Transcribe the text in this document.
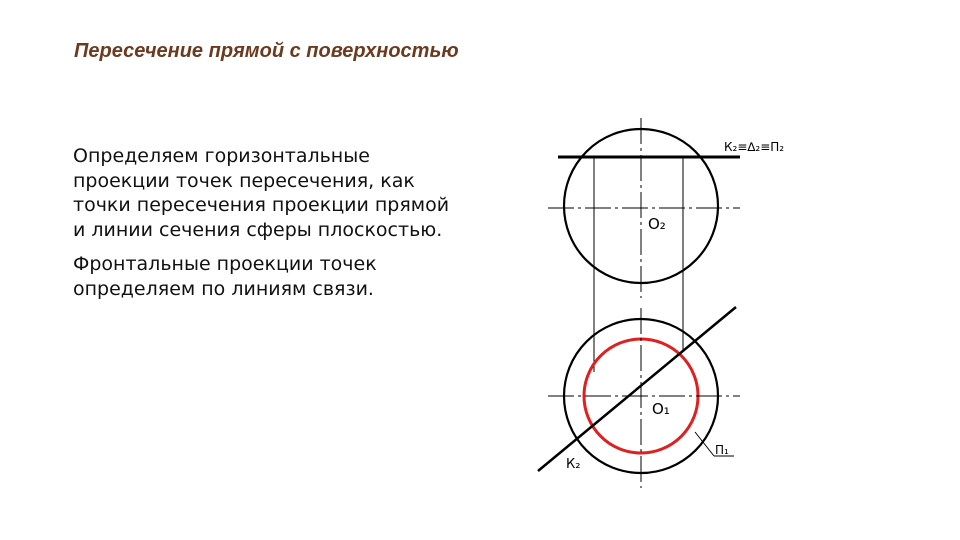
Пересечение прямой с поверхностью

Определяем горизонтальные проекции точек пересечения, как точки пересечения проекции прямой и линии сечения сферы плоскостью.

Фронтальные проекции точек определяем по линиям связи.

К₂≡∆₂≡П₂
О₂
О₁
К₂
П₁
